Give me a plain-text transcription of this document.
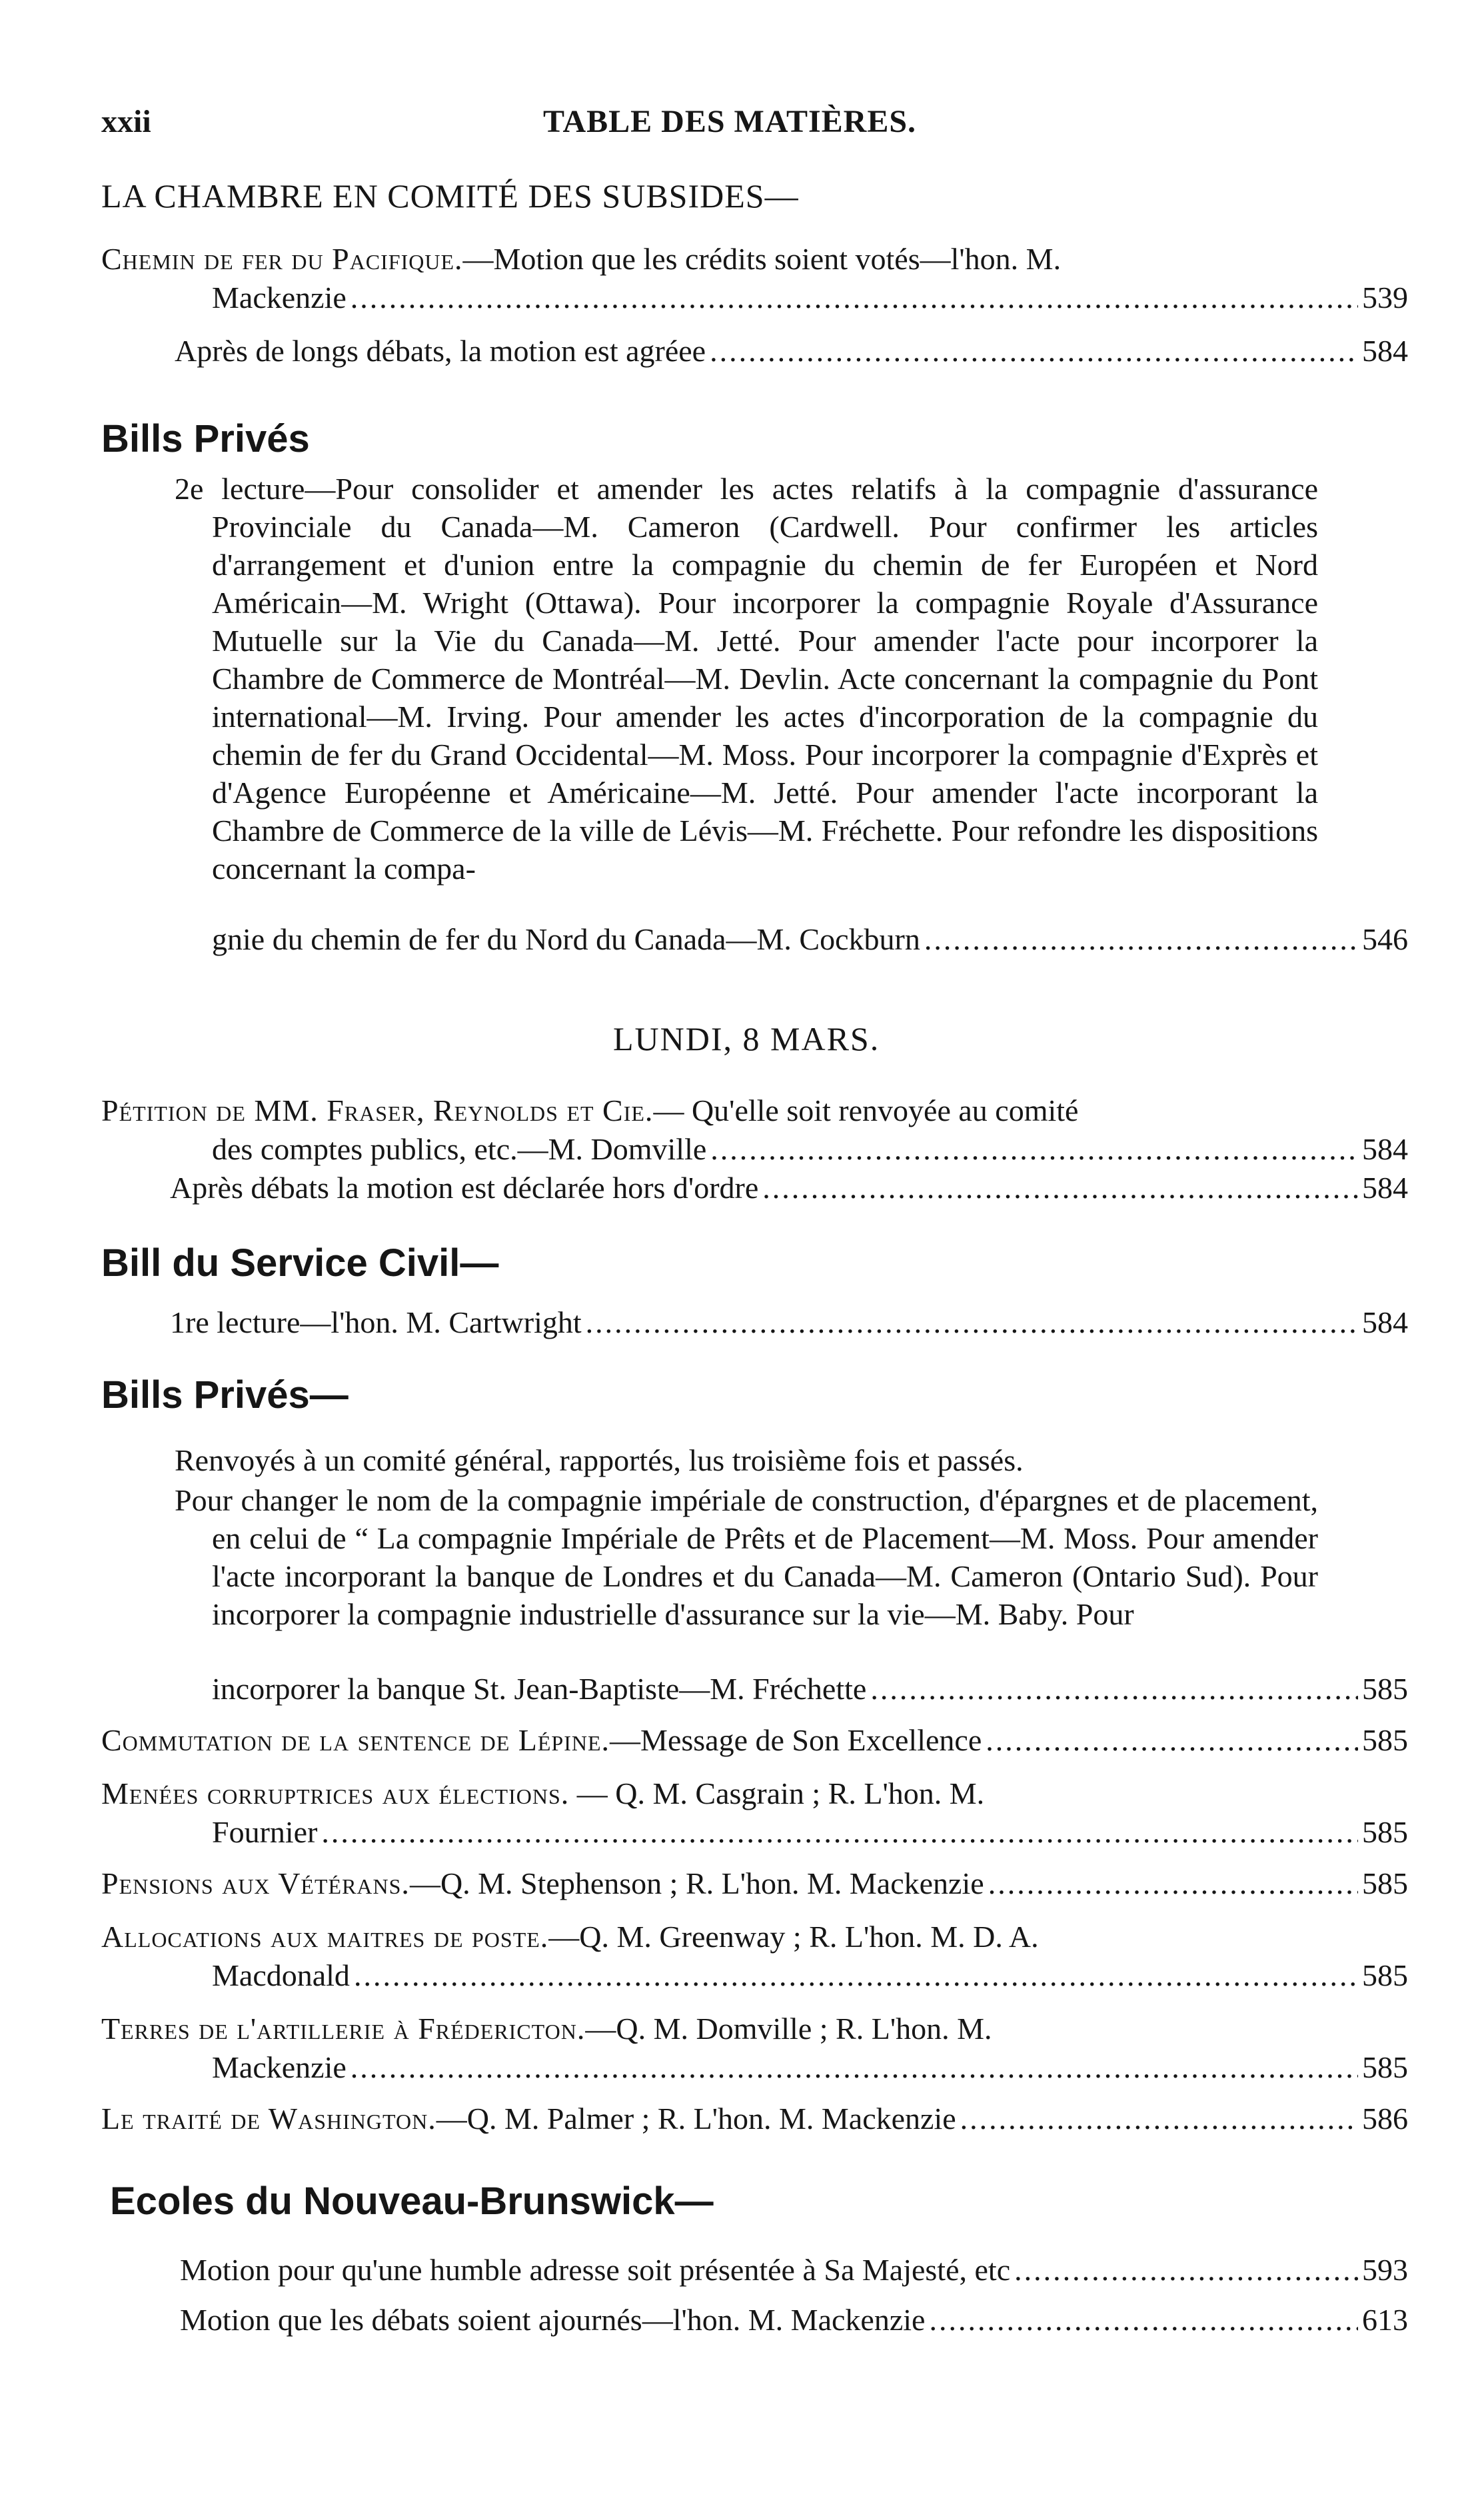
xxii	TABLE DES MATIÈRES.
LA CHAMBRE EN COMITÉ DES SUBSIDES—
Chemin de fer du Pacifique.—Motion que les crédits soient votés—l'hon. M.
Mackenzie .....	539
Après de longs débats, la motion est agréee .....	584
Bills Privés
2e lecture—Pour consolider et amender les actes relatifs à la compagnie d'assurance Provinciale du Canada—M. Cameron (Cardwell. Pour confirmer les articles d'arrangement et d'union entre la compagnie du chemin de fer Européen et Nord Américain—M. Wright (Ottawa). Pour incorporer la compagnie Royale d'Assurance Mutuelle sur la Vie du Canada—M. Jetté. Pour amender l'acte pour incorporer la Chambre de Commerce de Montréal—M. Devlin. Acte concernant la compagnie du Pont international—M. Irving. Pour amender les actes d'incorporation de la compagnie du chemin de fer du Grand Occidental—M. Moss. Pour incorporer la compagnie d'Exprès et d'Agence Européenne et Américaine—M. Jetté. Pour amender l'acte incorporant la Chambre de Commerce de la ville de Lévis—M. Fréchette. Pour refondre les dispositions concernant la compa-
gnie du chemin de fer du Nord du Canada—M. Cockburn .....	546
LUNDI, 8 MARS.
Pétition de MM. Fraser, Reynolds et Cie.— Qu'elle soit renvoyée au comité
des comptes publics, etc.—M. Domville .....	584
Après débats la motion est déclarée hors d'ordre .....	584
Bill du Service Civil—
1re lecture—l'hon. M. Cartwright .....	584
Bills Privés—
Renvoyés à un comité général, rapportés, lus troisième fois et passés.
Pour changer le nom de la compagnie impériale de construction, d'épargnes et de placement, en celui de “ La compagnie Impériale de Prêts et de Placement—M. Moss. Pour amender l'acte incorporant la banque de Londres et du Canada—M. Cameron (Ontario Sud). Pour incorporer la compagnie industrielle d'assurance sur la vie—M. Baby. Pour
incorporer la banque St. Jean-Baptiste—M. Fréchette .....	585
Commutation de la sentence de Lépine.—Message de Son Excellence .....	585
Menées corruptrices aux élections. — Q. M. Casgrain ; R. L'hon. M.
Fournier .....	585
Pensions aux Vétérans.—Q. M. Stephenson ; R. L'hon. M. Mackenzie .....	585
Allocations aux maitres de poste.—Q. M. Greenway ; R. L'hon. M. D. A.
Macdonald .....	585
Terres de l'artillerie à Frédericton.—Q. M. Domville ; R. L'hon. M.
Mackenzie .....	585
Le traité de Washington.—Q. M. Palmer ; R. L'hon. M. Mackenzie .....	586
Ecoles du Nouveau-Brunswick—
Motion pour qu'une humble adresse soit présentée à Sa Majesté, etc .....	593
Motion que les débats soient ajournés—l'hon. M. Mackenzie .....	613
